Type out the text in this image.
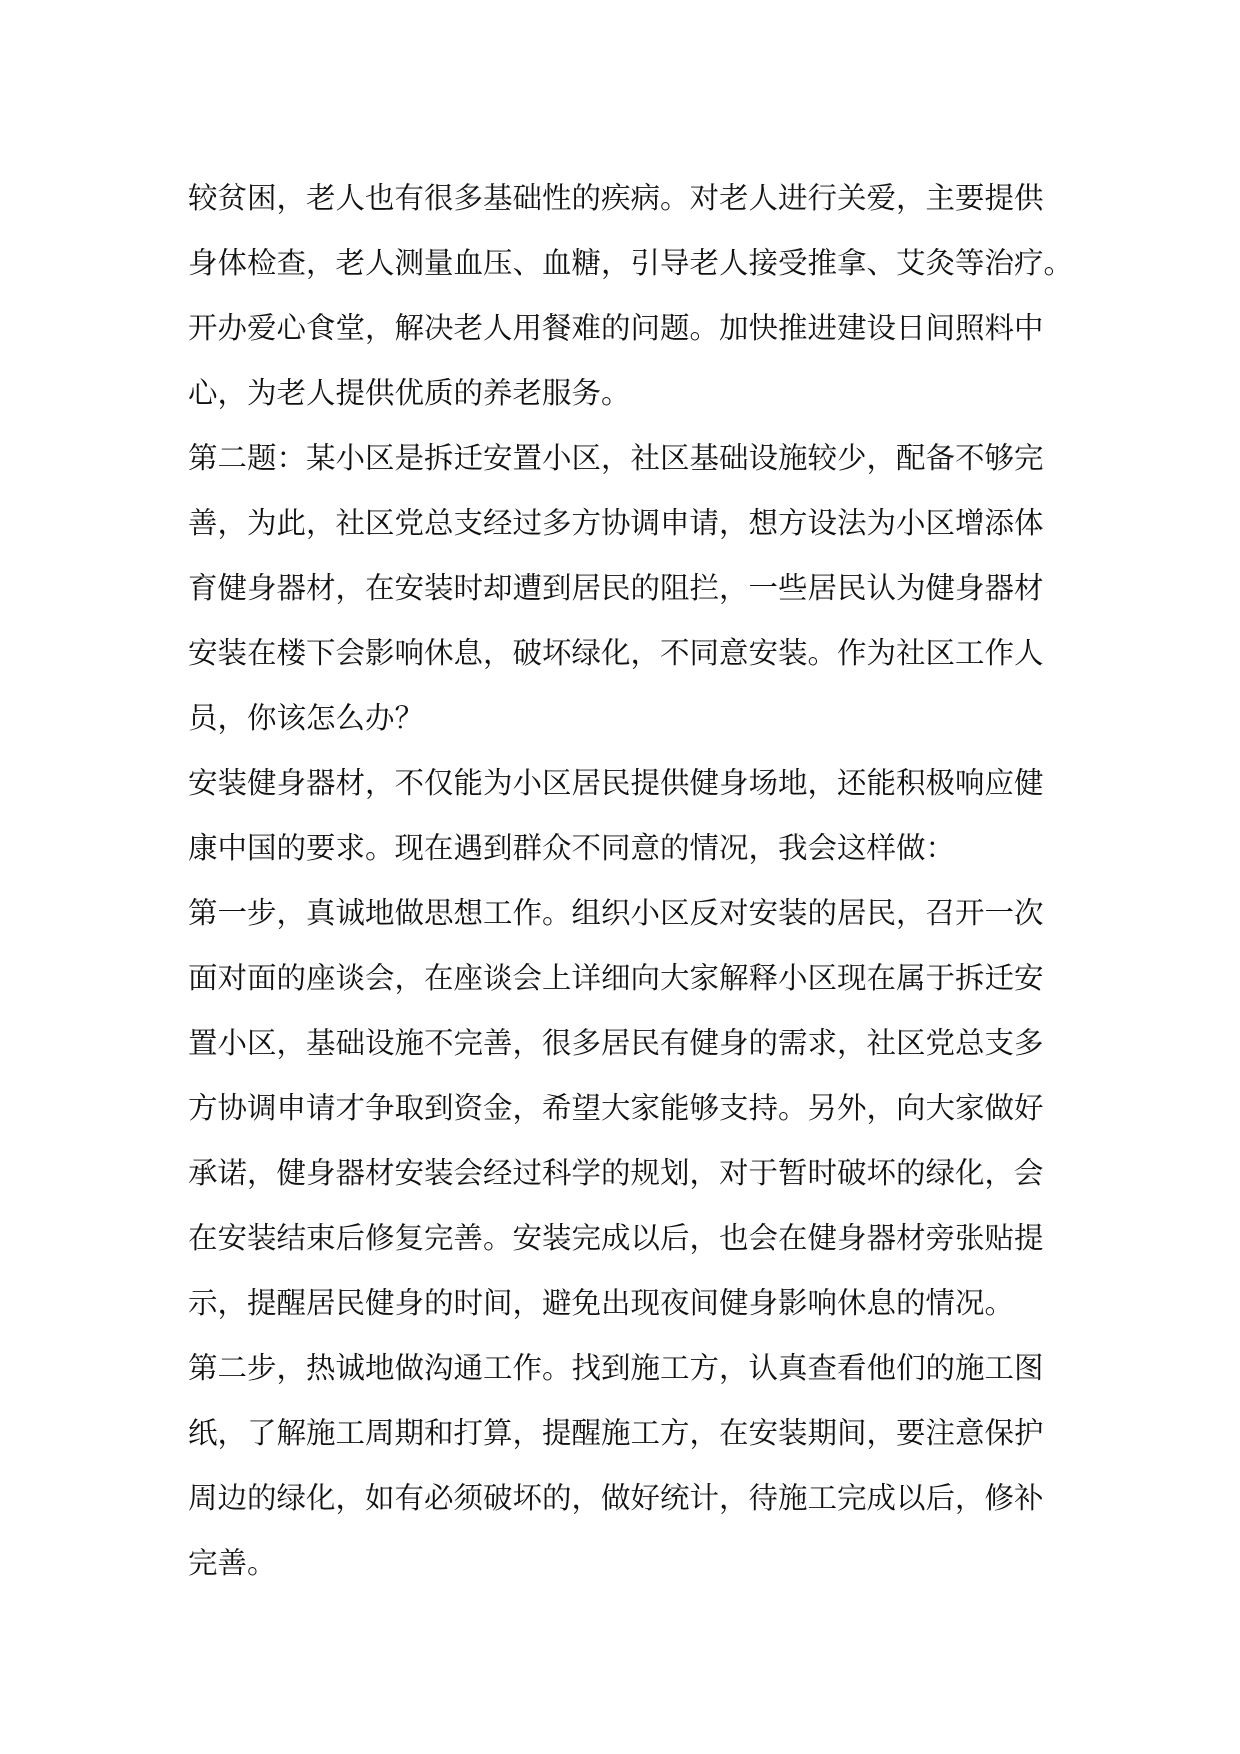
较贫困，老人也有很多基础性的疾病。对老人进行关爱，主要提供
身体检查，老人测量血压、血糖，引导老人接受推拿、艾灸等治疗。
开办爱心食堂，解决老人用餐难的问题。加快推进建设日间照料中
心，为老人提供优质的养老服务。
第二题：某小区是拆迁安置小区，社区基础设施较少，配备不够完
善，为此，社区党总支经过多方协调申请，想方设法为小区增添体
育健身器材，在安装时却遭到居民的阻拦，一些居民认为健身器材
安装在楼下会影响休息，破坏绿化，不同意安装。作为社区工作人
员，你该怎么办？
安装健身器材，不仅能为小区居民提供健身场地，还能积极响应健
康中国的要求。现在遇到群众不同意的情况，我会这样做：
第一步，真诚地做思想工作。组织小区反对安装的居民，召开一次
面对面的座谈会，在座谈会上详细向大家解释小区现在属于拆迁安
置小区，基础设施不完善，很多居民有健身的需求，社区党总支多
方协调申请才争取到资金，希望大家能够支持。另外，向大家做好
承诺，健身器材安装会经过科学的规划，对于暂时破坏的绿化，会
在安装结束后修复完善。安装完成以后，也会在健身器材旁张贴提
示，提醒居民健身的时间，避免出现夜间健身影响休息的情况。
第二步，热诚地做沟通工作。找到施工方，认真查看他们的施工图
纸，了解施工周期和打算，提醒施工方，在安装期间，要注意保护
周边的绿化，如有必须破坏的，做好统计，待施工完成以后，修补
完善。
